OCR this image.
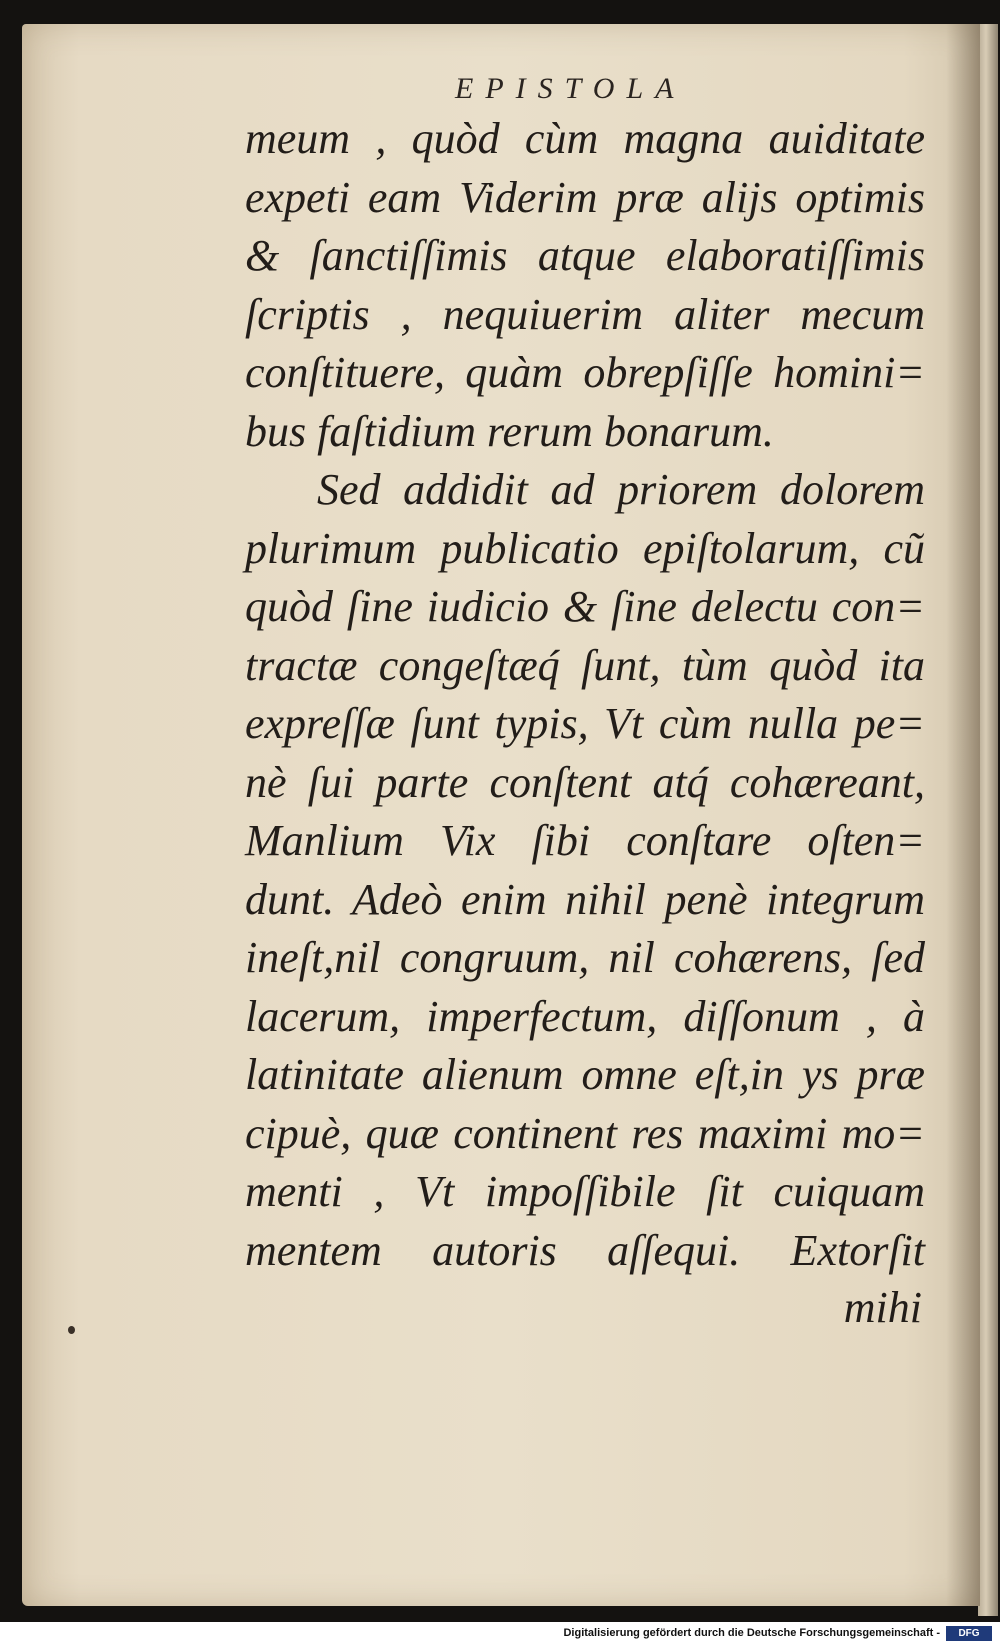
EPISTOLA
meum , quòd cùm magna auiditate
expeti eam Viderim præ alijs optimis
& ſanctiſſimis atque elaboratiſſimis
ſcriptis , nequiuerim aliter mecum
conſtituere, quàm obrepſiſſe homini=
bus faſtidium rerum bonarum.
Sed addidit ad priorem dolorem
plurimum publicatio epiſtolarum, cũ
quòd ſine iudicio & ſine delectu con=
tractæ congeſtæq́ ſunt, tùm quòd ita
expreſſæ ſunt typis, Vt cùm nulla pe=
nè ſui parte conſtent atq́ cohæreant,
Manlium Vix ſibi conſtare oſten=
dunt. Adeò enim nihil penè integrum
ineſt,nil congruum, nil cohærens, ſed
lacerum, imperfectum, diſſonum , à
latinitate alienum omne eſt,in ys præ
cipuè, quæ continent res maximi mo=
menti , Vt impoſſibile ſit cuiquam
mentem autoris aſſequi. Extorſit
mihi
Digitalisierung gefördert durch die Deutsche Forschungsgemeinschaft -	DFG
